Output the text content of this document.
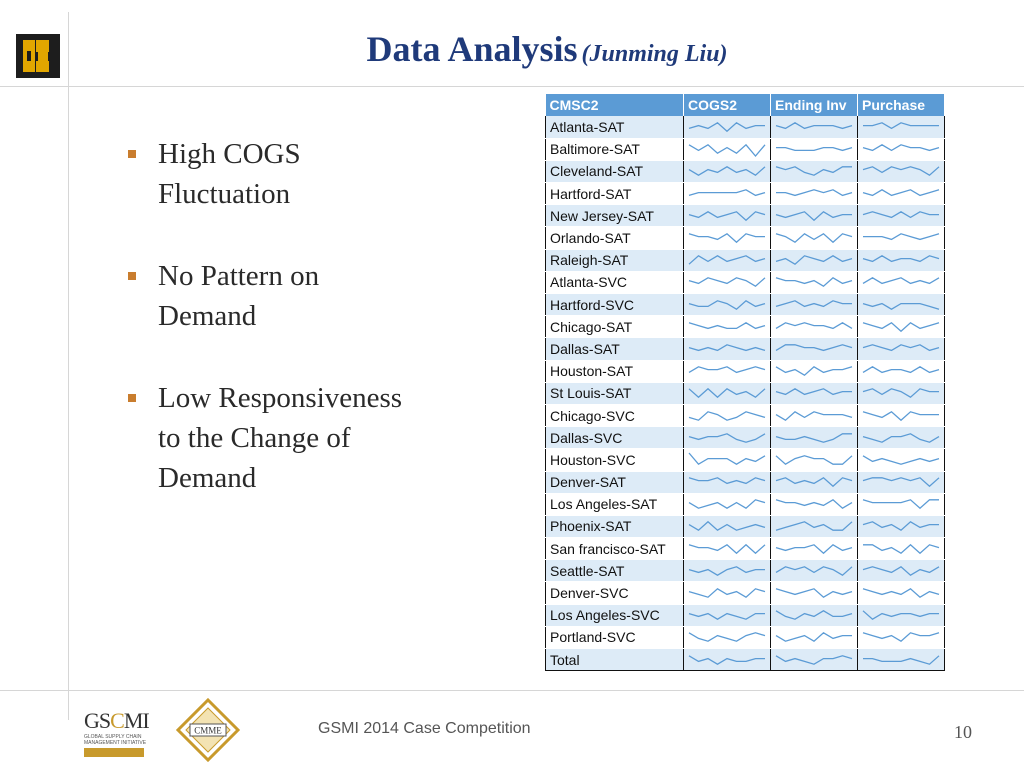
Data Analysis (Junming Liu)
High COGS
Fluctuation
No Pattern on
Demand
Low Responsiveness
to the Change of
Demand
CMSC2	COGS2	Ending Inv	Purchase
Atlanta-SAT	

Baltimore-SAT	

Cleveland-SAT	

Hartford-SAT	

New Jersey-SAT	

Orlando-SAT	

Raleigh-SAT	

Atlanta-SVC	

Hartford-SVC	

Chicago-SAT	

Dallas-SAT	

Houston-SAT	

St Louis-SAT	

Chicago-SVC	

Dallas-SVC	

Houston-SVC	

Denver-SAT	

Los Angeles-SAT	

Phoenix-SAT	

San francisco-SAT	

Seattle-SAT	

Denver-SVC	

Los Angeles-SVC	

Portland-SVC	

Total	

GSCMI
GLOBAL SUPPLY CHAIN
MANAGEMENT INITIATIVE
CMME	GSMI 2014 Case Competition	10
